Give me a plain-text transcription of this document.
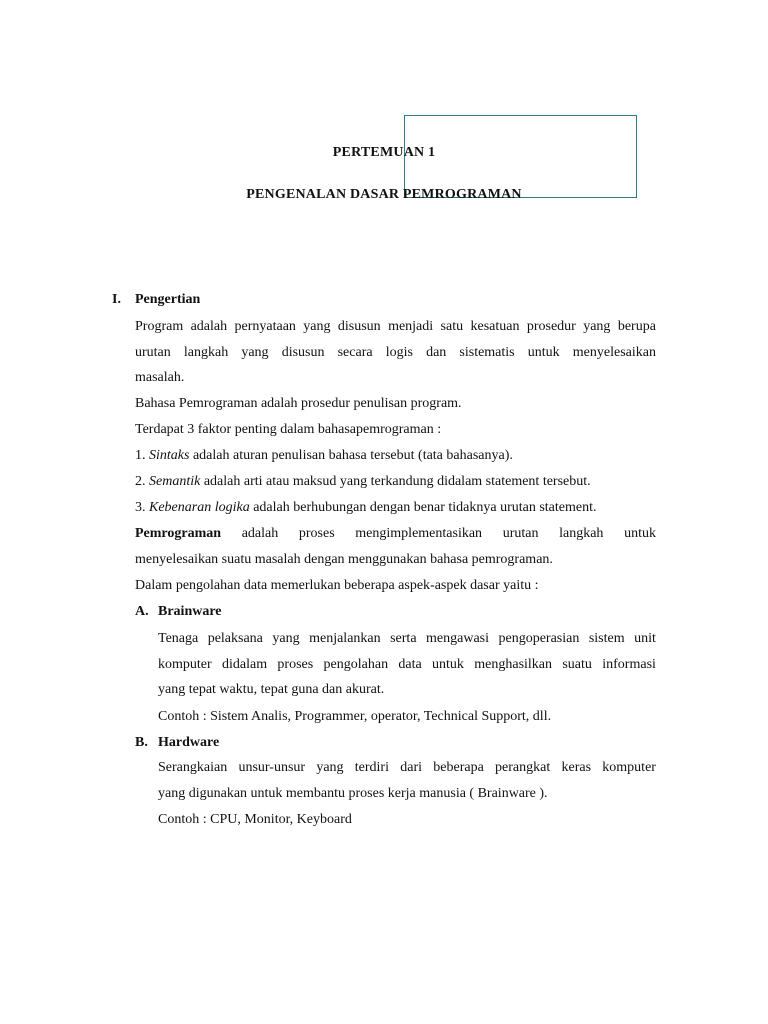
PERTEMUAN 1
PENGENALAN DASAR PEMROGRAMAN
I. Pengertian
Program adalah pernyataan yang disusun menjadi satu kesatuan prosedur yang berupa
urutan langkah yang disusun secara logis dan sistematis untuk menyelesaikan
masalah.
Bahasa Pemrograman adalah prosedur penulisan program.
Terdapat 3 faktor penting dalam bahasapemrograman :
1. Sintaks adalah aturan penulisan bahasa tersebut (tata bahasanya).
2. Semantik adalah arti atau maksud yang terkandung didalam statement tersebut.
3. Kebenaran logika adalah berhubungan dengan benar tidaknya urutan statement.
Pemrograman adalah proses mengimplementasikan urutan langkah untuk
menyelesaikan suatu masalah dengan menggunakan bahasa pemrograman.
Dalam pengolahan data memerlukan beberapa aspek-aspek dasar yaitu :
A. Brainware
Tenaga pelaksana yang menjalankan serta mengawasi pengoperasian sistem unit
komputer didalam proses pengolahan data untuk menghasilkan suatu informasi
yang tepat waktu, tepat guna dan akurat.
Contoh : Sistem Analis, Programmer, operator, Technical Support, dll.
B. Hardware
Serangkaian unsur-unsur yang terdiri dari beberapa perangkat keras komputer
yang digunakan untuk membantu proses kerja manusia ( Brainware ).
Contoh : CPU, Monitor, Keyboard
